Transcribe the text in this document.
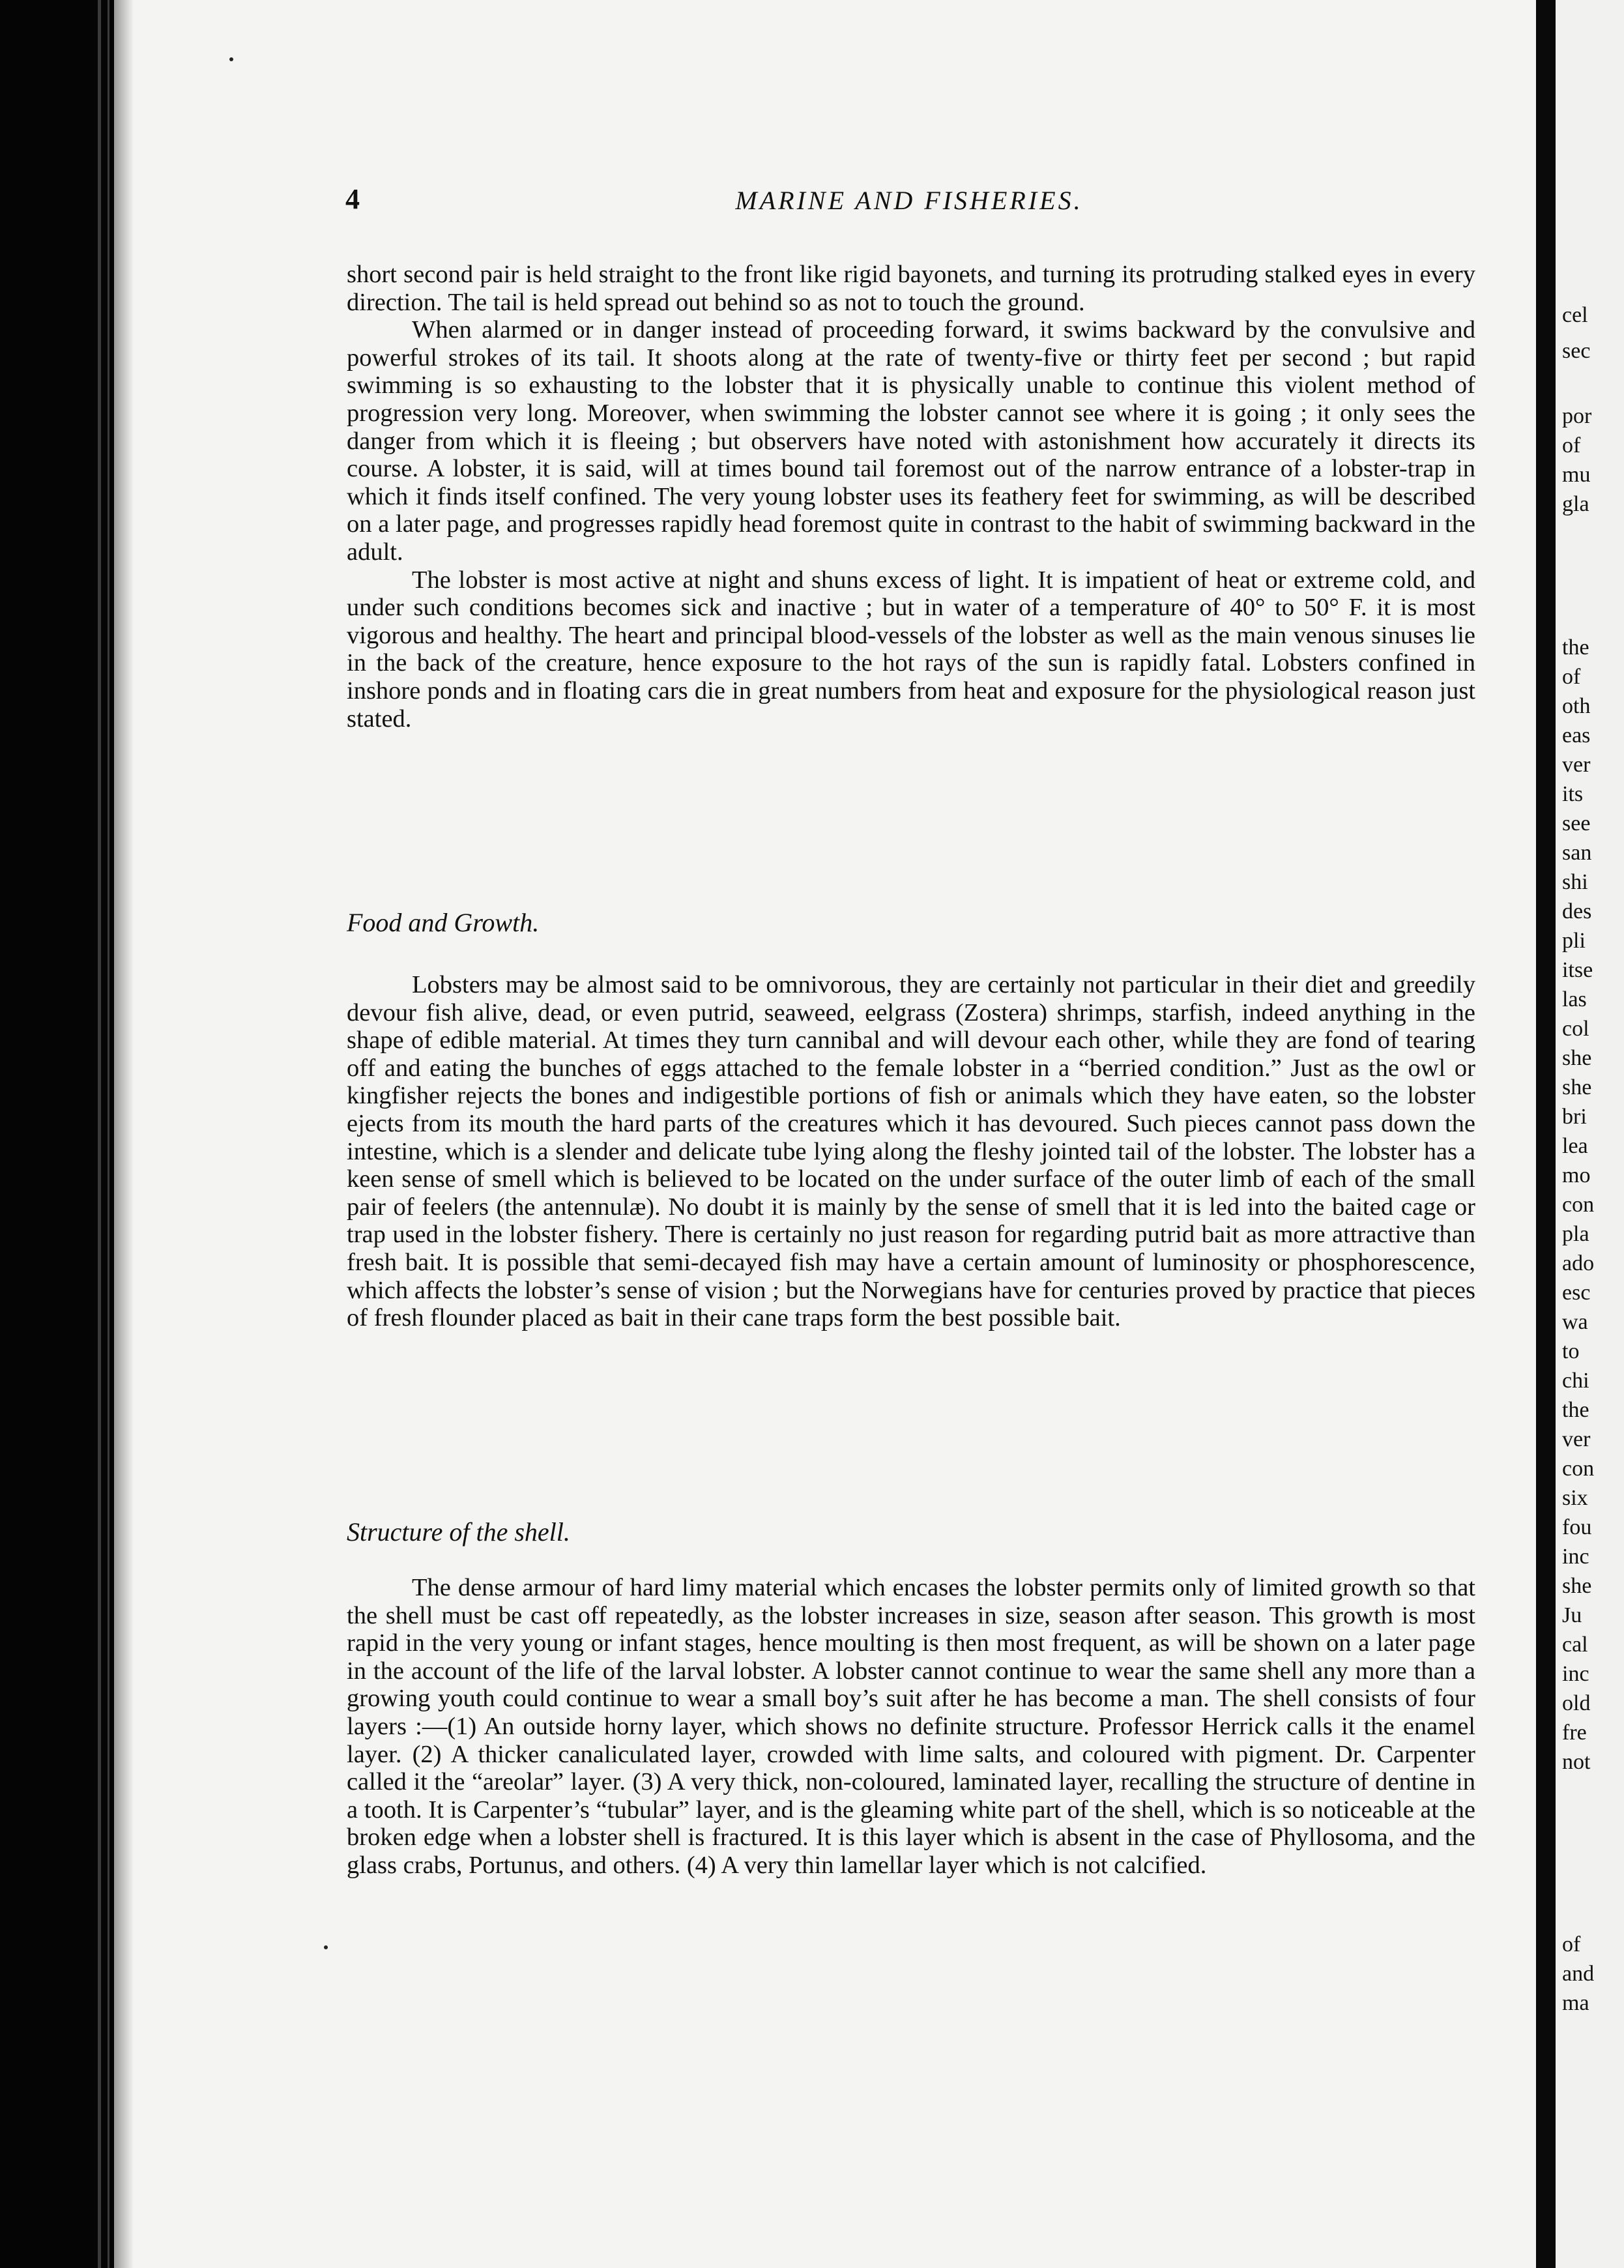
cel
sec
por
of
mu
gla
the
of
oth
eas
ver
its
see
san
shi
des
pli
itse
las
col
she
she
bri
lea
mo
con
pla
ado
esc
wa
to
chi
the
ver
con
six
fou
inc
she
Ju
cal
inc
old
fre
not
of
and
ma
4	MARINE AND FISHERIES.

short second pair is held straight to the front like rigid bayonets, and turning its protruding stalked eyes in every direction. The tail is held spread out behind so as not to touch the ground.

When alarmed or in danger instead of proceeding forward, it swims backward by the convulsive and powerful strokes of its tail. It shoots along at the rate of twenty-five or thirty feet per second ; but rapid swimming is so exhausting to the lobster that it is physically unable to continue this violent method of progression very long. Moreover, when swimming the lobster cannot see where it is going ; it only sees the danger from which it is fleeing ; but observers have noted with astonishment how accurately it directs its course. A lobster, it is said, will at times bound tail foremost out of the narrow entrance of a lobster-trap in which it finds itself confined. The very young lobster uses its feathery feet for swimming, as will be described on a later page, and progresses rapidly head foremost quite in contrast to the habit of swimming backward in the adult.

The lobster is most active at night and shuns excess of light. It is impatient of heat or extreme cold, and under such conditions becomes sick and inactive ; but in water of a temperature of 40° to 50° F. it is most vigorous and healthy. The heart and principal blood-vessels of the lobster as well as the main venous sinuses lie in the back of the creature, hence exposure to the hot rays of the sun is rapidly fatal. Lobsters confined in inshore ponds and in floating cars die in great numbers from heat and exposure for the physiological reason just stated.

Food and Growth.

Lobsters may be almost said to be omnivorous, they are certainly not particular in their diet and greedily devour fish alive, dead, or even putrid, seaweed, eelgrass (Zostera) shrimps, starfish, indeed anything in the shape of edible material. At times they turn cannibal and will devour each other, while they are fond of tearing off and eating the bunches of eggs attached to the female lobster in a “berried condition.” Just as the owl or kingfisher rejects the bones and indigestible portions of fish or animals which they have eaten, so the lobster ejects from its mouth the hard parts of the creatures which it has devoured. Such pieces cannot pass down the intestine, which is a slender and delicate tube lying along the fleshy jointed tail of the lobster. The lobster has a keen sense of smell which is believed to be located on the under surface of the outer limb of each of the small pair of feelers (the antennulæ). No doubt it is mainly by the sense of smell that it is led into the baited cage or trap used in the lobster fishery. There is certainly no just reason for regarding putrid bait as more attractive than fresh bait. It is possible that semi-decayed fish may have a certain amount of luminosity or phosphorescence, which affects the lobster’s sense of vision ; but the Norwegians have for centuries proved by practice that pieces of fresh flounder placed as bait in their cane traps form the best possible bait.

Structure of the shell.

The dense armour of hard limy material which encases the lobster permits only of limited growth so that the shell must be cast off repeatedly, as the lobster increases in size, season after season. This growth is most rapid in the very young or infant stages, hence moulting is then most frequent, as will be shown on a later page in the account of the life of the larval lobster. A lobster cannot continue to wear the same shell any more than a growing youth could continue to wear a small boy’s suit after he has become a man. The shell consists of four layers :—(1) An outside horny layer, which shows no definite structure. Professor Herrick calls it the enamel layer. (2) A thicker canaliculated layer, crowded with lime salts, and coloured with pigment. Dr. Carpenter called it the “areolar” layer. (3) A very thick, non-coloured, laminated layer, recalling the structure of dentine in a tooth. It is Carpenter’s “tubular” layer, and is the gleaming white part of the shell, which is so noticeable at the broken edge when a lobster shell is fractured. It is this layer which is absent in the case of Phyllosoma, and the glass crabs, Portunus, and others. (4) A very thin lamellar layer which is not calcified.
